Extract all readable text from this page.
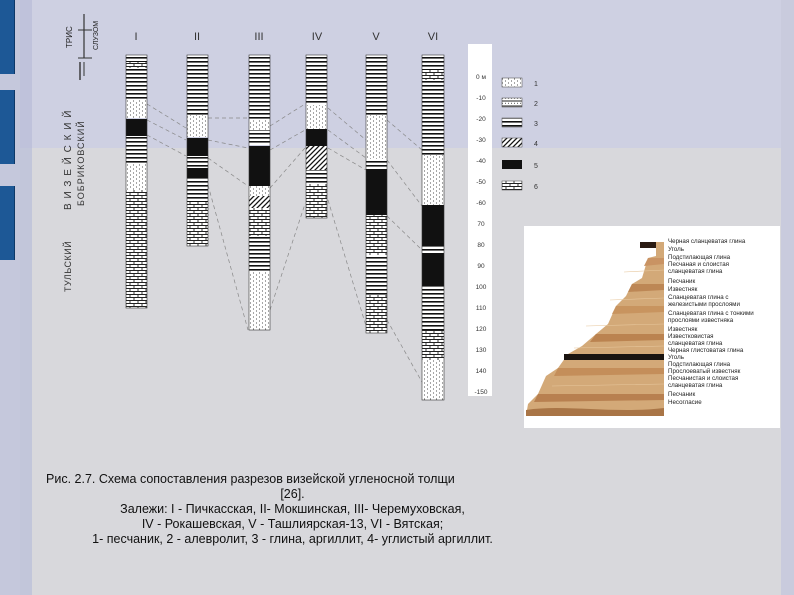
ТРИС	СЛУЗОМ
В И З Е Й С К И Й БОБРИКОВСКИЙ
ТУЛЬСКИЙ
I	II	III	IV	V	VI
0 м
-10
-20
-30
-40
-50
-60
70
80
90
100
110
120
130
140
-150
1
2
3
4
5
6
Черная сланцеватая глина
Уголь
Подстилающая глина
Песчаная и слоистая
сланцеватая глина
Песчаник
Известняк
Сланцеватая глина с
железистыми прослоями
Сланцеватая глина с тонкими
прослоями известняка
Известняк
Известковистая
сланцеватая глина
Черная глистоватая глина
Уголь
Подстилающая глина
Прослоеватый известняк
Песчанистая и слоистая
сланцеватая глина
Песчаник
Несогласие
Рис. 2.7. Схема сопоставления разрезов визейской угленосной толщи
[26].
Залежи: I - Пичкасская, II- Мокшинская, III- Черемуховская,
IV - Рокашевская, V - Ташлиярская-13, VI - Вятская;
1- песчаник, 2 - алевролит, 3 - глина, аргиллит, 4- углистый аргиллит.
